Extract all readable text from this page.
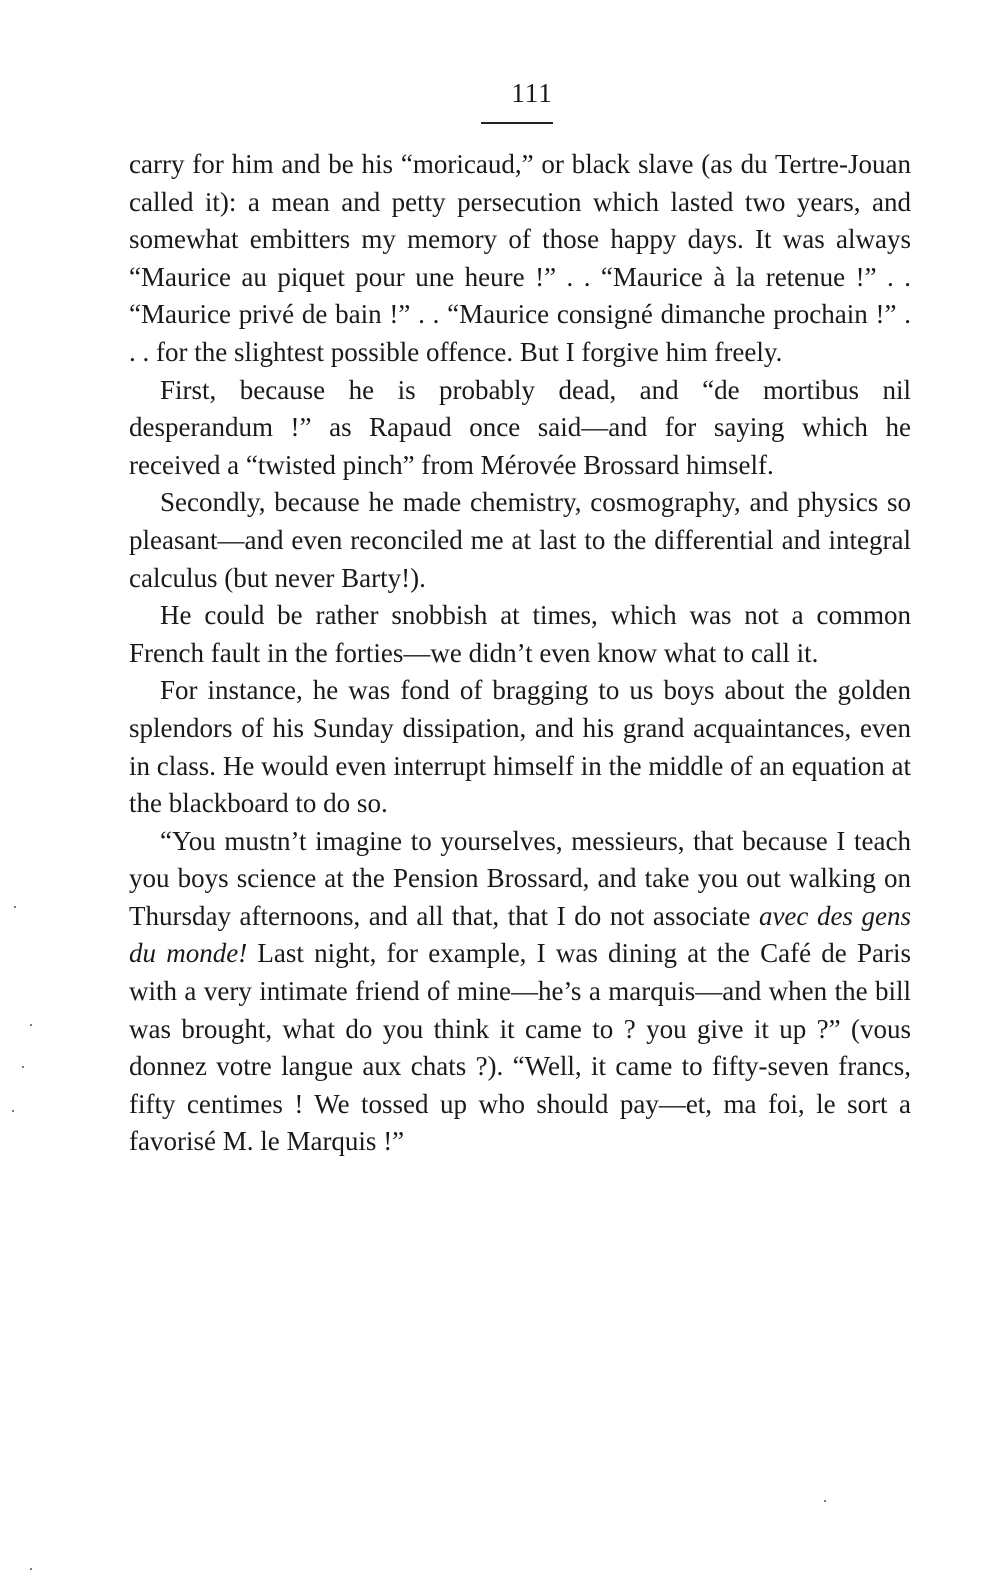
111

carry for him and be his “moricaud,” or black slave (as du Tertre-Jouan called it): a mean and petty persecution which lasted two years, and somewhat embitters my memory of those happy days. It was always “Maurice au piquet pour une heure !” . . “Maurice à la retenue !” . . “Maurice privé de bain !” . . “Maurice consigné dimanche prochain !” . . . for the slightest possible offence. But I forgive him freely.

First, because he is probably dead, and “de mortibus nil desperandum !” as Rapaud once said—and for saying which he received a “twisted pinch” from Mérovée Brossard himself.

Secondly, because he made chemistry, cosmography, and physics so pleasant—and even reconciled me at last to the differential and integral calculus (but never Barty!).

He could be rather snobbish at times, which was not a common French fault in the forties—we didn’t even know what to call it.

For instance, he was fond of bragging to us boys about the golden splendors of his Sunday dissipation, and his grand acquaintances, even in class. He would even interrupt himself in the middle of an equation at the blackboard to do so.

“You mustn’t imagine to yourselves, messieurs, that because I teach you boys science at the Pension Brossard, and take you out walking on Thursday afternoons, and all that, that I do not associate avec des gens du monde! Last night, for example, I was dining at the Café de Paris with a very intimate friend of mine—he’s a marquis—and when the bill was brought, what do you think it came to ? you give it up ?” (vous donnez votre langue aux chats ?). “Well, it came to fifty-seven francs, fifty centimes ! We tossed up who should pay—et, ma foi, le sort a favorisé M. le Marquis !”
